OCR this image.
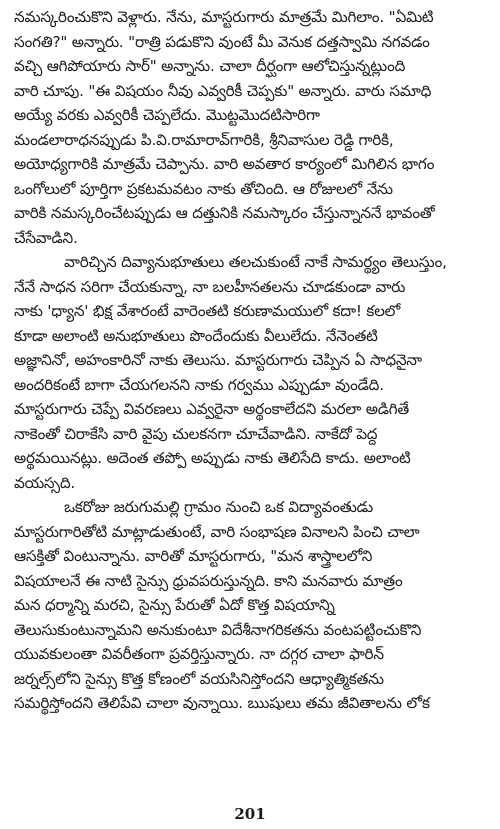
నమస్కరించుకొని వెళ్లారు. నేను, మాస్టరుగారు మాత్రమే మిగిలాం. "ఏమిటి
సంగతి?" అన్నారు. "రాత్రి పడుకొని వుంటే మీ వెనుక దత్తస్వామి నగవడం
వచ్చి ఆగిపోయారు సార్" అన్నాను. చాలా దీర్ఘంగా ఆలోచిస్తున్నట్లుంది
వారి చూపు. "ఈ విషయం నీవు ఎవ్వరికీ చెప్పకు" అన్నారు. వారు సమాధి
అయ్యే వరకు ఎవ్వరికీ చెప్పలేదు. మొట్టమొదటిసారిగా
మండలారాధనప్పుడు పి.వి.రామారావ్‌గారికి, శ్రీనివాసుల రెడ్డి గారికి,
అయోధ్యగారికి మాత్రమే చెప్పాను. వారి అవతార కార్యంలో మిగిలిన భాగం
ఒంగోలులో పూర్తిగా ప్రకటమవటం నాకు తోచింది. ఆ రోజులలో నేను
వారికి నమస్కరించేటప్పుడు ఆ దత్తునికి నమస్కారం చేస్తున్నాననే భావంతో
చేసేవాడిని.
వారిచ్చిన దివ్యానుభూతులు తలచుకుంటే నాకే సామర్థ్యం తెలుస్తుం,
నేనే సాధన సరిగా చేయకున్నా, నా బలహీనతలను చూడకుండా వారు
నాకు 'ధ్యాన' భిక్ష వేశారంటే వారెంతటి కరుణామయులో కదా! కలలో
కూడా అలాంటి అనుభూతులు పొందేందుకు వీలులేదు. నేనెంతటి
అజ్ఞానినో, అహంకారినో నాకు తెలుసు. మాస్టరుగారు చెప్పిన ఏ సాధనైనా
అందరికంటే బాగా చేయగలనని నాకు గర్వము ఎప్పుడూ వుండేది.
మాస్టరుగారు చెప్పే వివరణలు ఎవ్వరైనా అర్థంకాలేదని మరలా అడిగితే
నాకెంతో చిరాకేసి వారి వైపు చులకనగా చూచేవాడిని. నాకేదో పెద్ద
అర్థమయినట్లు. అదెంత తప్పో అప్పుడు నాకు తెలిసేది కాదు. అలాంటి
వయస్సది.
ఒకరోజు జరుగుమల్లి గ్రామం నుంచి ఒక విద్యావంతుడు
మాస్టరుగారితోటి మాట్లాడుతుంటే, వారి సంభాషణ వినాలని పించి చాలా
ఆసక్తితో వింటున్నాను. వారితో మాస్టరుగారు, "మన శాస్త్రాలలోని
విషయాలనే ఈ నాటి సైన్సు ధ్రువపరుస్తున్నది. కాని మనవారు మాత్రం
మన ధర్మాన్ని మరచి, సైన్సు పేరుతో ఏదో కొత్త విషయాన్ని
తెలుసుకుంటున్నామని అనుకుంటూ విదేశీనాగరికతను వంటపట్టించుకొని
యువకులంతా వివరీతంగా ప్రవర్తిస్తున్నారు. నా దగ్గర చాలా ఫారిన్
జర్నల్స్‌లోని సైన్సు కొత్త కోణంలో వయసినిస్తోందని ఆధ్యాత్మికతను
సమర్థిస్తోందని తెలిపేవి చాలా వున్నాయి. ఋషులు తమ జీవితాలను లోక
201
